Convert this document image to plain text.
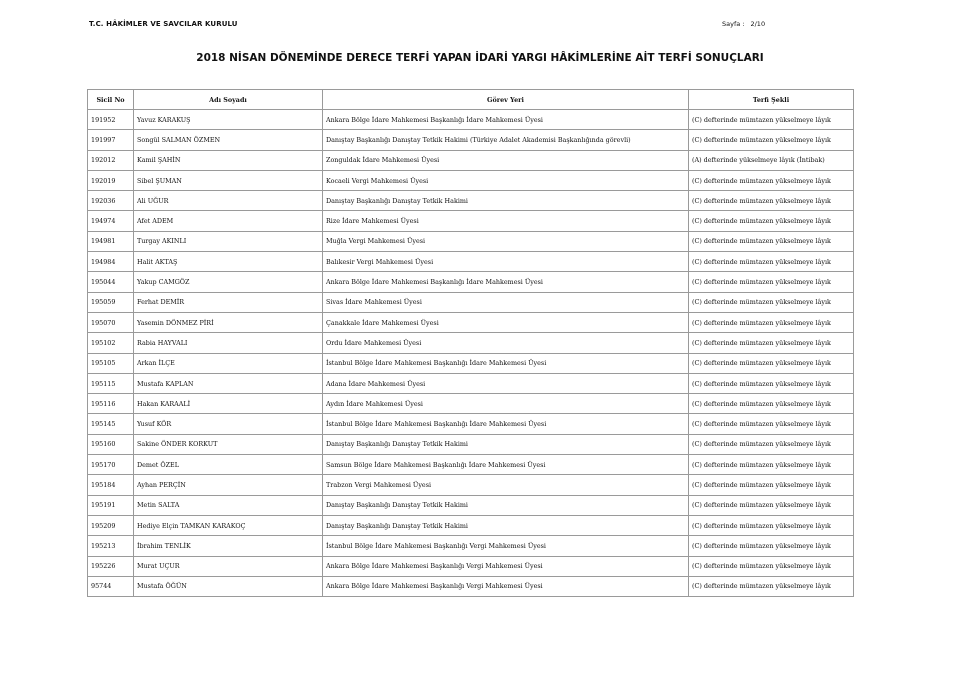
T.C. HÂKİMLER VE SAVCILAR KURULU	Sayfa : 2/10
2018 NİSAN DÖNEMİNDE DERECE TERFİ YAPAN İDARİ YARGI HÂKİMLERİNE AİT TERFİ SONUÇLARI
Sicil No	Adı Soyadı	Görev Yeri	Terfi Şekli
191952	Yavuz KARAKUŞ	Ankara Bölge İdare Mahkemesi Başkanlığı İdare Mahkemesi Üyesi	(C) defterinde mümtazen yükselmeye lâyık
191997	Songül SALMAN ÖZMEN	Danıştay Başkanlığı Danıştay Tetkik Hakimi (Türkiye Adalet Akademisi Başkanlığında görevli)	(C) defterinde mümtazen yükselmeye lâyık
192012	Kamil ŞAHİN	Zonguldak İdare Mahkemesi Üyesi	(A) defterinde yükselmeye lâyık (İntibak)
192019	Sibel ŞUMAN	Kocaeli Vergi Mahkemesi Üyesi	(C) defterinde mümtazen yükselmeye lâyık
192036	Ali UĞUR	Danıştay Başkanlığı Danıştay Tetkik Hakimi	(C) defterinde mümtazen yükselmeye lâyık
194974	Afet ADEM	Rize İdare Mahkemesi Üyesi	(C) defterinde mümtazen yükselmeye lâyık
194981	Turgay AKINLI	Muğla Vergi Mahkemesi Üyesi	(C) defterinde mümtazen yükselmeye lâyık
194984	Halit AKTAŞ	Balıkesir Vergi Mahkemesi Üyesi	(C) defterinde mümtazen yükselmeye lâyık
195044	Yakup CAMGÖZ	Ankara Bölge İdare Mahkemesi Başkanlığı İdare Mahkemesi Üyesi	(C) defterinde mümtazen yükselmeye lâyık
195059	Ferhat DEMİR	Sivas İdare Mahkemesi Üyesi	(C) defterinde mümtazen yükselmeye lâyık
195070	Yasemin DÖNMEZ PİRİ	Çanakkale İdare Mahkemesi Üyesi	(C) defterinde mümtazen yükselmeye lâyık
195102	Rabia HAYVALI	Ordu İdare Mahkemesi Üyesi	(C) defterinde mümtazen yükselmeye lâyık
195105	Arkan İLÇE	İstanbul Bölge İdare Mahkemesi Başkanlığı İdare Mahkemesi Üyesi	(C) defterinde mümtazen yükselmeye lâyık
195115	Mustafa KAPLAN	Adana İdare Mahkemesi Üyesi	(C) defterinde mümtazen yükselmeye lâyık
195116	Hakan KARAALİ	Aydın İdare Mahkemesi Üyesi	(C) defterinde mümtazen yükselmeye lâyık
195145	Yusuf KÖR	İstanbul Bölge İdare Mahkemesi Başkanlığı İdare Mahkemesi Üyesi	(C) defterinde mümtazen yükselmeye lâyık
195160	Sakine ÖNDER KORKUT	Danıştay Başkanlığı Danıştay Tetkik Hakimi	(C) defterinde mümtazen yükselmeye lâyık
195170	Demet ÖZEL	Samsun Bölge İdare Mahkemesi Başkanlığı İdare Mahkemesi Üyesi	(C) defterinde mümtazen yükselmeye lâyık
195184	Ayhan PERÇİN	Trabzon Vergi Mahkemesi Üyesi	(C) defterinde mümtazen yükselmeye lâyık
195191	Metin SALTA	Danıştay Başkanlığı Danıştay Tetkik Hakimi	(C) defterinde mümtazen yükselmeye lâyık
195209	Hediye Elçin TAMKAN KARAKOÇ	Danıştay Başkanlığı Danıştay Tetkik Hakimi	(C) defterinde mümtazen yükselmeye lâyık
195213	İbrahim TENLİK	İstanbul Bölge İdare Mahkemesi Başkanlığı Vergi Mahkemesi Üyesi	(C) defterinde mümtazen yükselmeye lâyık
195226	Murat UÇUR	Ankara Bölge İdare Mahkemesi Başkanlığı Vergi Mahkemesi Üyesi	(C) defterinde mümtazen yükselmeye lâyık
95744	Mustafa ÖĞÜN	Ankara Bölge İdare Mahkemesi Başkanlığı Vergi Mahkemesi Üyesi	(C) defterinde mümtazen yükselmeye lâyık
